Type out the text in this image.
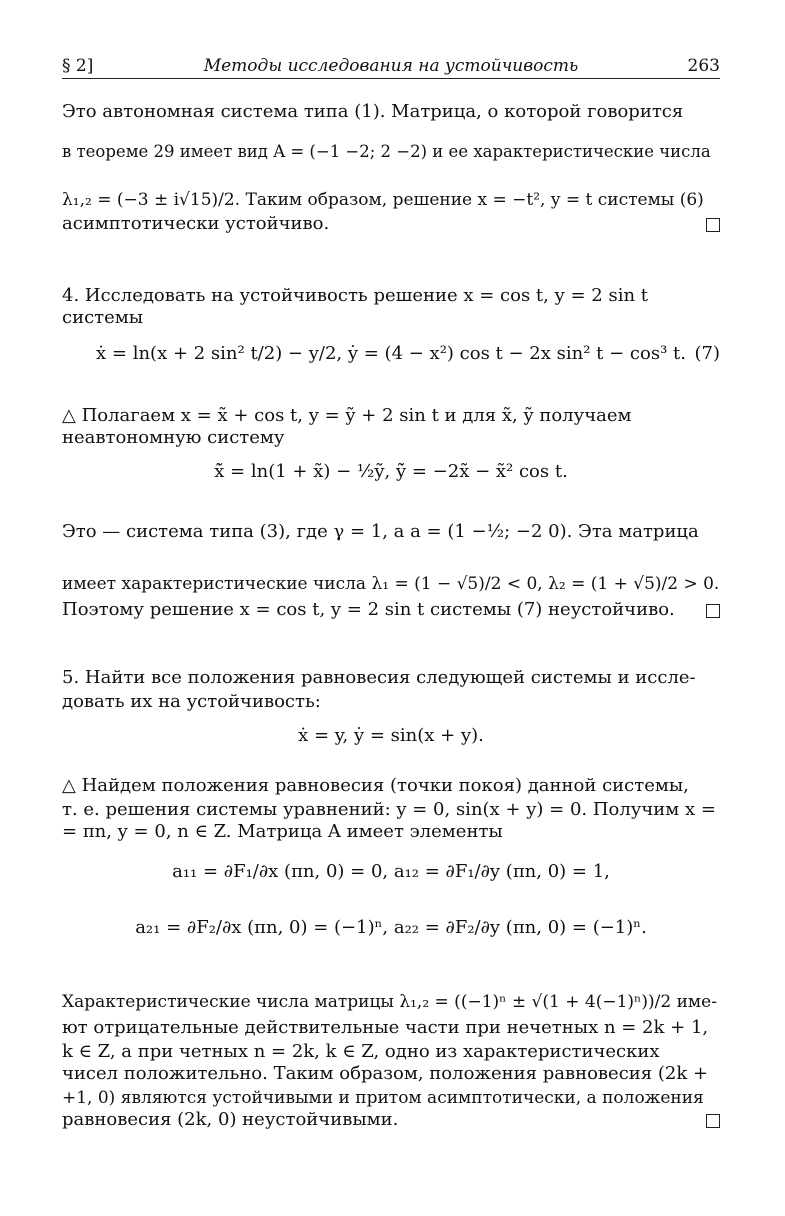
§ 2]	Методы исследования на устойчивость	263
Это автономная система типа (1). Матрица, о которой говорится
в теореме 29 имеет вид A = (−1 −2; 2 −2) и ее характеристические числа
λ₁,₂ = (−3 ± i√15)/2. Таким образом, решение x = −t², y = t системы (6)
асимптотически устойчиво.
4. Исследовать на устойчивость решение x = cos t, y = 2 sin t
системы
ẋ = ln(x + 2 sin² t/2) − y/2, ẏ = (4 − x²) cos t − 2x sin² t − cos³ t. (7)
△ Полагаем x = x̃ + cos t, y = ỹ + 2 sin t и для x̃, ỹ получаем
неавтономную систему
x̃̇ = ln(1 + x̃) − ½ỹ, ỹ̇ = −2x̃ − x̃² cos t.
Это — система типа (3), где γ = 1, а a = (1 −½; −2 0). Эта матрица
имеет характеристические числа λ₁ = (1 − √5)/2 < 0, λ₂ = (1 + √5)/2 > 0.
Поэтому решение x = cos t, y = 2 sin t системы (7) неустойчиво.
5. Найти все положения равновесия следующей системы и иссле-
довать их на устойчивость:
ẋ = y, ẏ = sin(x + y).
△ Найдем положения равновесия (точки покоя) данной системы,
т. е. решения системы уравнений: y = 0, sin(x + y) = 0. Получим x =
= πn, y = 0, n ∈ Z. Матрица A имеет элементы
a₁₁ = ∂F₁/∂x (πn, 0) = 0, a₁₂ = ∂F₁/∂y (πn, 0) = 1,
a₂₁ = ∂F₂/∂x (πn, 0) = (−1)ⁿ, a₂₂ = ∂F₂/∂y (πn, 0) = (−1)ⁿ.
Характеристические числа матрицы λ₁,₂ = ((−1)ⁿ ± √(1 + 4(−1)ⁿ))/2 име-
ют отрицательные действительные части при нечетных n = 2k + 1,
k ∈ Z, а при четных n = 2k, k ∈ Z, одно из характеристических
чисел положительно. Таким образом, положения равновесия (2k +
+1, 0) являются устойчивыми и притом асимптотически, а положения
равновесия (2k, 0) неустойчивыми.
